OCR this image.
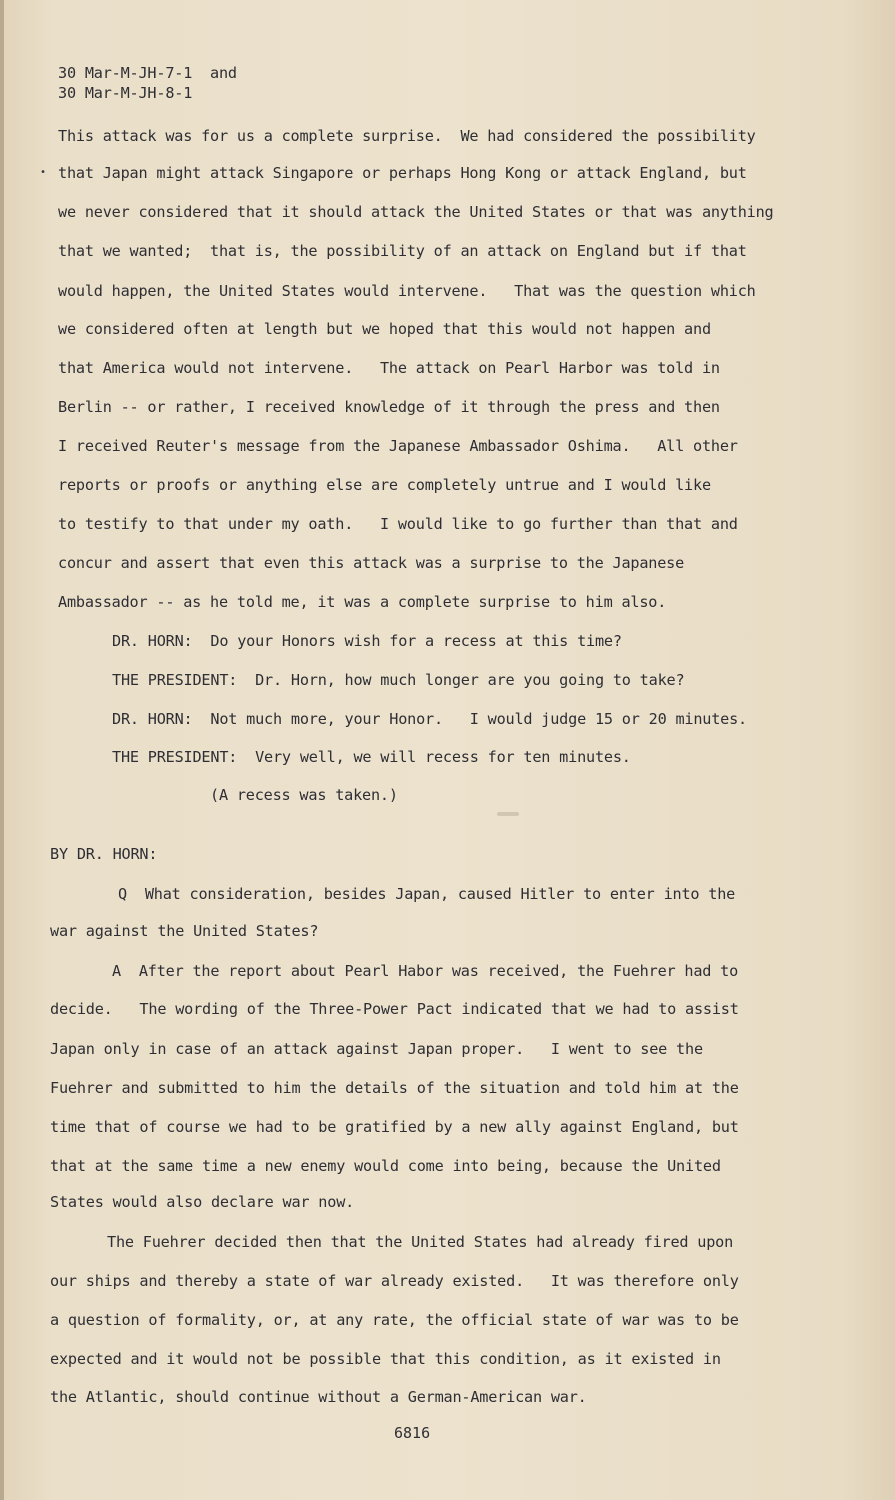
30 Mar-M-JH-7-1  and
30 Mar-M-JH-8-1
•
This attack was for us a complete surprise.  We had considered the possibility
that Japan might attack Singapore or perhaps Hong Kong or attack England, but
we never considered that it should attack the United States or that was anything
that we wanted;  that is, the possibility of an attack on England but if that
would happen, the United States would intervene.   That was the question which
we considered often at length but we hoped that this would not happen and
that America would not intervene.   The attack on Pearl Harbor was told in
Berlin -- or rather, I received knowledge of it through the press and then
I received Reuter's message from the Japanese Ambassador Oshima.   All other
reports or proofs or anything else are completely untrue and I would like
to testify to that under my oath.   I would like to go further than that and
concur and assert that even this attack was a surprise to the Japanese
Ambassador -- as he told me, it was a complete surprise to him also.
DR. HORN:  Do your Honors wish for a recess at this time?
THE PRESIDENT:  Dr. Horn, how much longer are you going to take?
DR. HORN:  Not much more, your Honor.   I would judge 15 or 20 minutes.
THE PRESIDENT:  Very well, we will recess for ten minutes.
(A recess was taken.)
BY DR. HORN:
Q  What consideration, besides Japan, caused Hitler to enter into the
war against the United States?
A  After the report about Pearl Habor was received, the Fuehrer had to
decide.   The wording of the Three-Power Pact indicated that we had to assist
Japan only in case of an attack against Japan proper.   I went to see the
Fuehrer and submitted to him the details of the situation and told him at the
time that of course we had to be gratified by a new ally against England, but
that at the same time a new enemy would come into being, because the United
States would also declare war now.
The Fuehrer decided then that the United States had already fired upon
our ships and thereby a state of war already existed.   It was therefore only
a question of formality, or, at any rate, the official state of war was to be
expected and it would not be possible that this condition, as it existed in
the Atlantic, should continue without a German-American war.
6816
